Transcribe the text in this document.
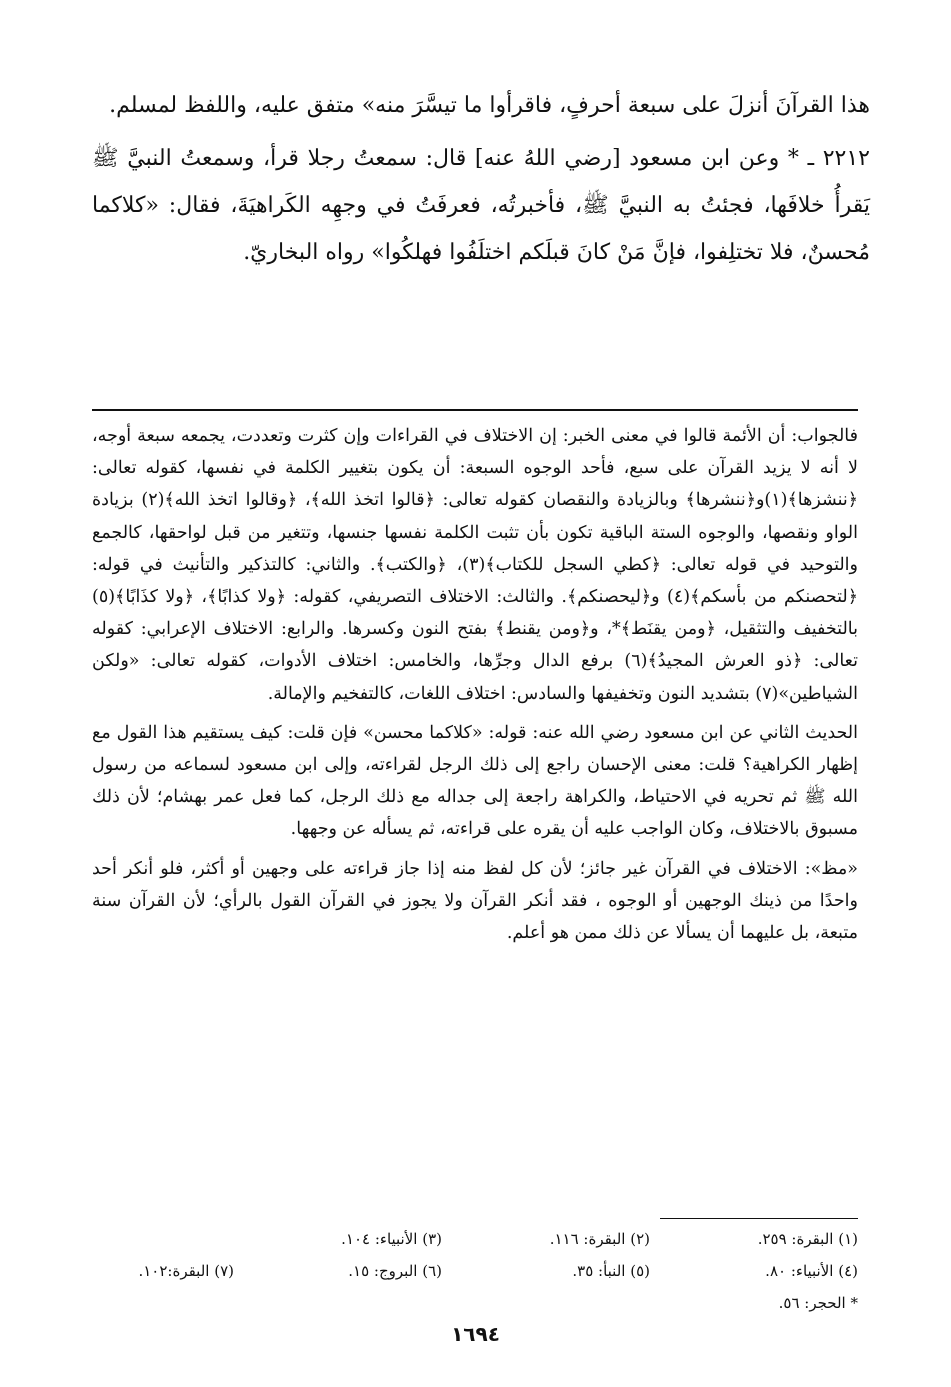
هذا القرآنَ أنزلَ على سبعة أحرفٍ، فاقرأوا ما تيسَّرَ منه» متفق عليه، واللفظ لمسلم.

٢٢١٢ ـ * وعن ابن مسعود [رضي اللهُ عنه] قال: سمعتُ رجلا قرأ، وسمعتُ النبيَّ ﷺ يَقرأُ خلافَها، فجئتُ به النبيَّ ﷺ، فأخبرتُه، فعرفَتُ في وجهِه الكَراهيَةَ، فقال: «كلاكما مُحسنٌ، فلا تختلِفوا، فإنَّ مَنْ كانَ قبلَكم اختلَفُوا فهلكُوا» رواه البخاريّ.

فالجواب: أن الأئمة قالوا في معنى الخبر: إن الاختلاف في القراءات وإن كثرت وتعددت، يجمعه سبعة أوجه، لا أنه لا يزيد القرآن على سبع، فأحد الوجوه السبعة: أن يكون بتغيير الكلمة في نفسها، كقوله تعالى: ﴿ننشزها﴾(١)و﴿ننشرها﴾ وبالزيادة والنقصان كقوله تعالى: ﴿قالوا اتخذ الله﴾، ﴿وقالوا اتخذ الله﴾(٢) بزيادة الواو ونقصها، والوجوه الستة الباقية تكون بأن تثبت الكلمة نفسها جنسها، وتتغير من قبل لواحقها، كالجمع والتوحيد في قوله تعالى: ﴿كطي السجل للكتاب﴾(٣)، ﴿والكتب﴾. والثاني: كالتذكير والتأنيث في قوله: ﴿لتحصنكم من بأسكم﴾(٤) و﴿ليحصنكم﴾. والثالث: الاختلاف التصريفي، كقوله: ﴿ولا كذابًا﴾، ﴿ولا كذَابًا﴾(٥) بالتخفيف والتثقيل، ﴿ومن يقنَط﴾*، و﴿ومن يقنط﴾ بفتح النون وكسرها. والرابع: الاختلاف الإعرابي: كقوله تعالى: ﴿ذو العرش المجيدُ﴾(٦) برفع الدال وجرِّها، والخامس: اختلاف الأدوات، كقوله تعالى: «ولكن الشياطين»(٧) بتشديد النون وتخفيفها والسادس: اختلاف اللغات، كالتفخيم والإمالة.

الحديث الثاني عن ابن مسعود رضي الله عنه: قوله: «كلاكما محسن» فإن قلت: كيف يستقيم هذا القول مع إظهار الكراهية؟ قلت: معنى الإحسان راجع إلى ذلك الرجل لقراءته، وإلى ابن مسعود لسماعه من رسول الله ﷺ ثم تحريه في الاحتياط، والكراهة راجعة إلى جداله مع ذلك الرجل، كما فعل عمر بهشام؛ لأن ذلك مسبوق بالاختلاف، وكان الواجب عليه أن يقره على قراءته، ثم يسأله عن وجهها.

«مظ»: الاختلاف في القرآن غير جائز؛ لأن كل لفظ منه إذا جاز قراءته على وجهين أو أكثر، فلو أنكر أحد واحدًا من ذينك الوجهين أو الوجوه ، فقد أنكر القرآن ولا يجوز في القرآن القول بالرأي؛ لأن القرآن سنة متبعة، بل عليهما أن يسألا عن ذلك ممن هو أعلم.

(١) البقرة: ٢٥٩.
(٢) البقرة: ١١٦.
(٣) الأنبياء: ١٠٤.
(٤) الأنبياء: ٨٠.
(٥) النبأ: ٣٥.
(٦) البروج: ١٥.
(٧) البقرة:١٠٢.
* الحجر: ٥٦.
١٦٩٤
